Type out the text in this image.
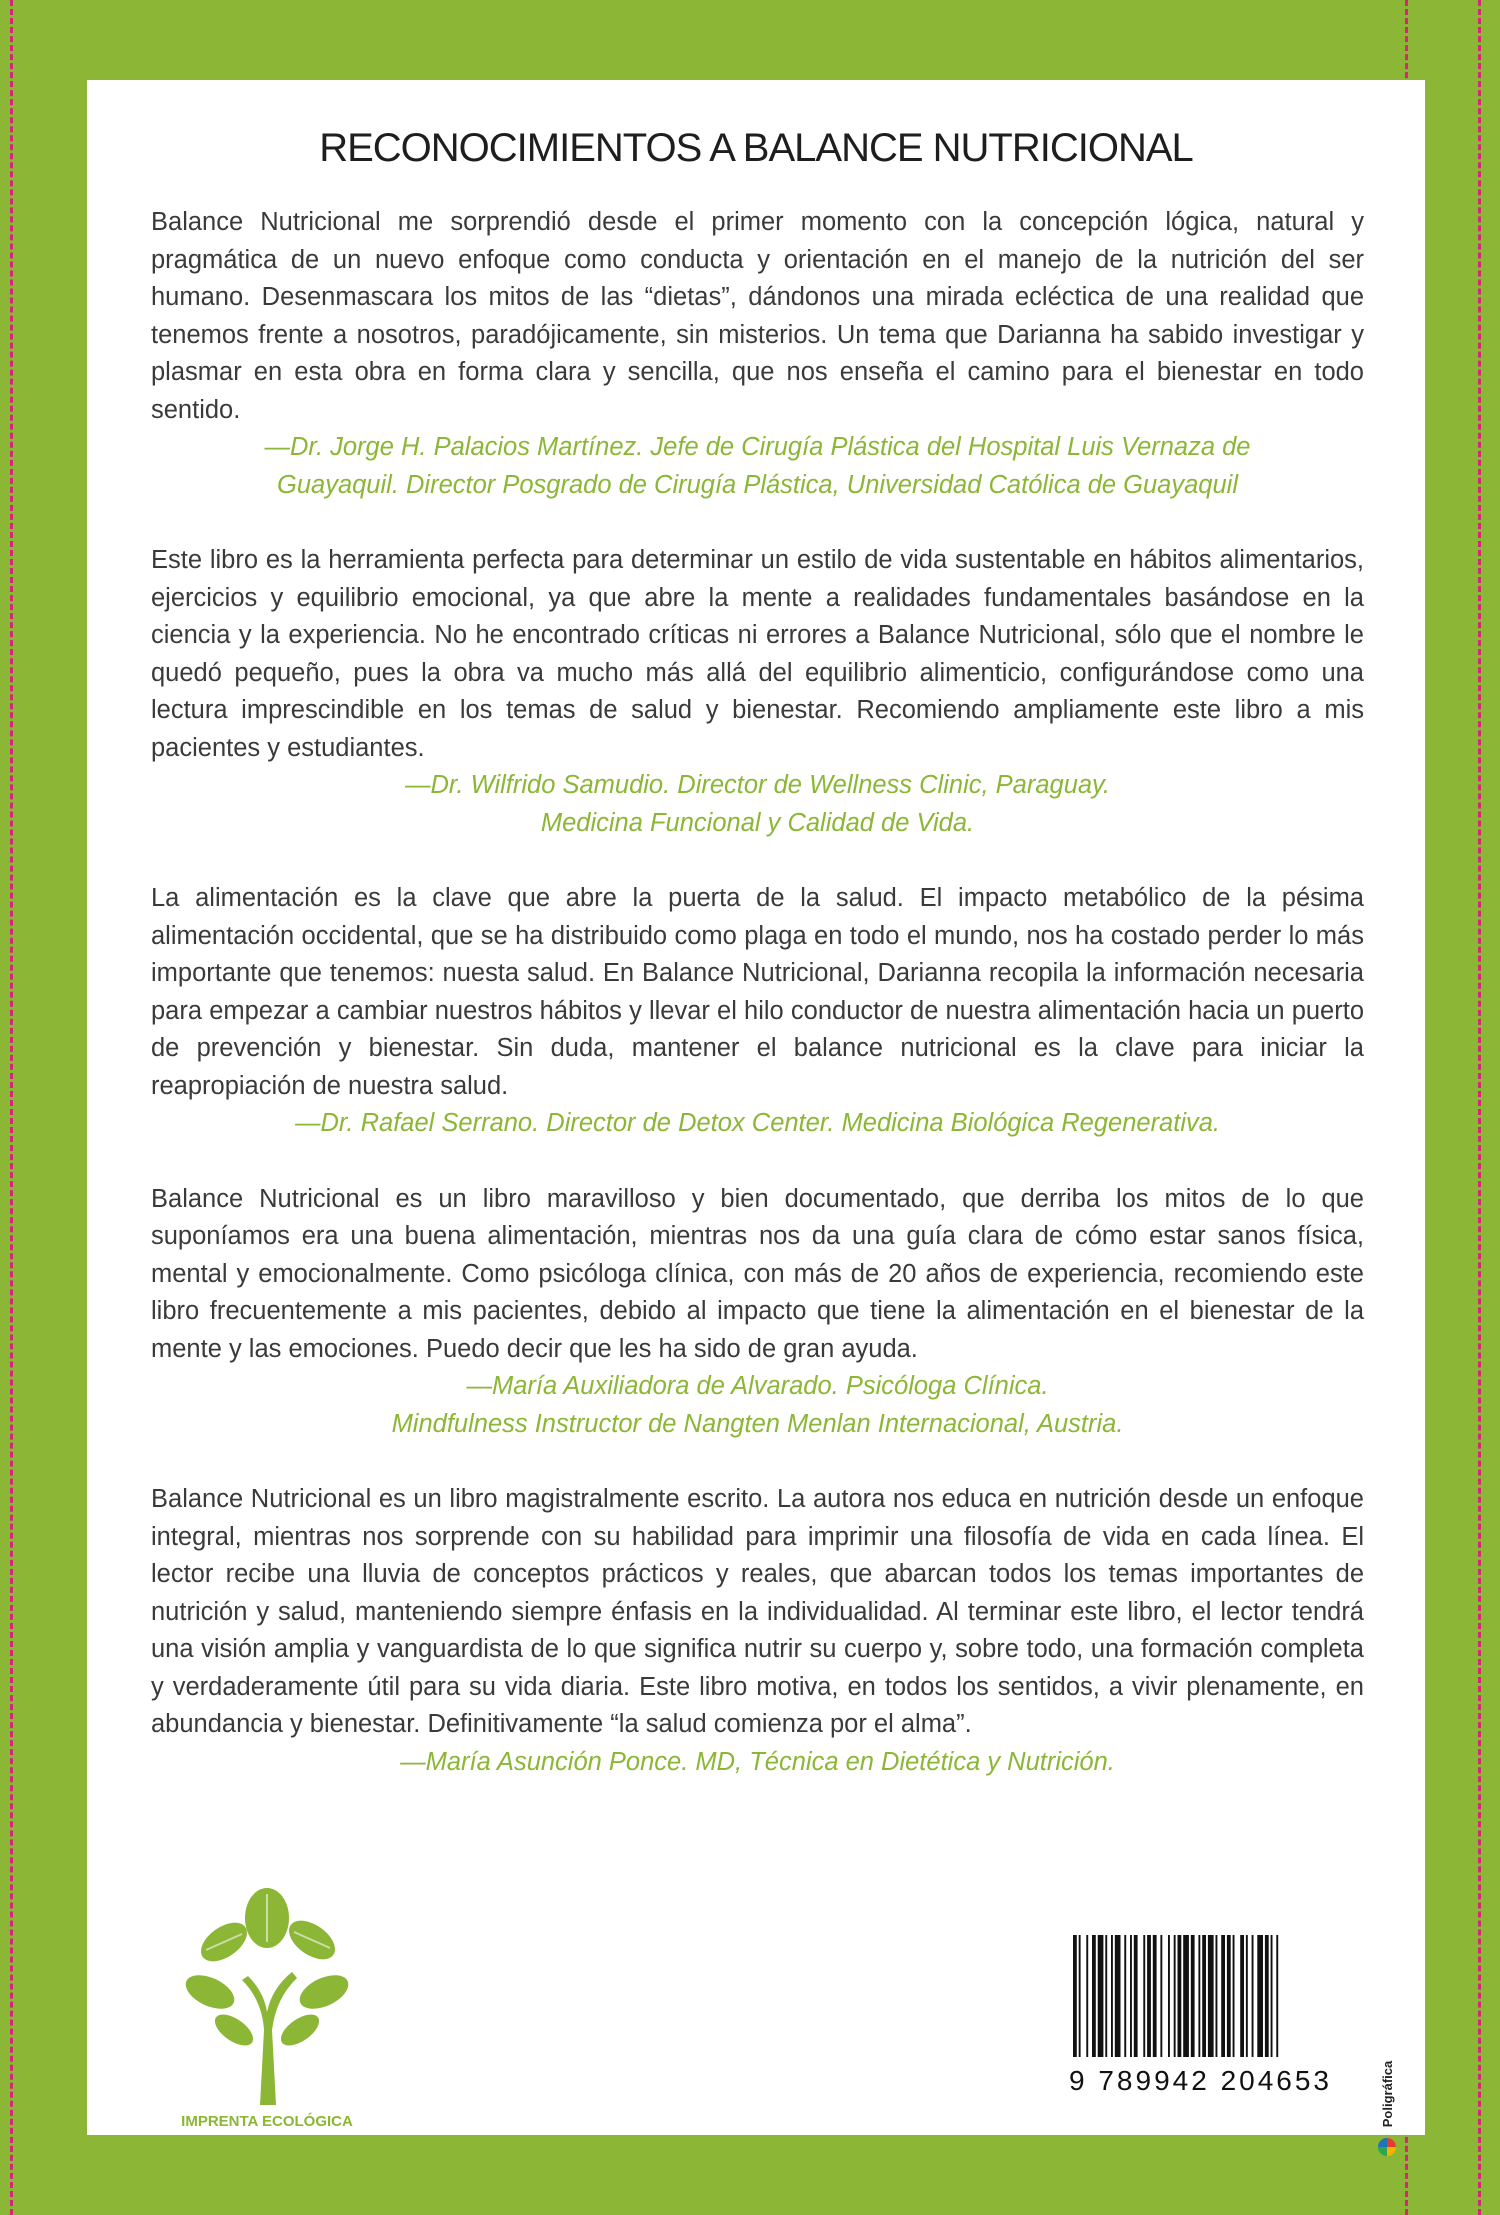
RECONOCIMIENTOS A BALANCE NUTRICIONAL

Balance Nutricional me sorprendió desde el primer momento con la concepción lógica, natural y pragmática de un nuevo enfoque como conducta y orientación en el manejo de la nutrición del ser humano. Desenmascara los mitos de las “dietas”, dándonos una mirada ecléctica de una realidad que tenemos frente a nosotros, paradójicamente, sin misterios. Un tema que Darianna ha sabido investigar y plasmar en esta obra en forma clara y sencilla, que nos enseña el camino para el bienestar en todo sentido.

—Dr. Jorge H. Palacios Martínez. Jefe de Cirugía Plástica del Hospital Luis Vernaza de

Guayaquil. Director Posgrado de Cirugía Plástica, Universidad Católica de Guayaquil

Este libro es la herramienta perfecta para determinar un estilo de vida sustentable en hábitos alimentarios, ejercicios y equilibrio emocional, ya que abre la mente a realidades fundamentales basándose en la ciencia y la experiencia. No he encontrado críticas ni errores a Balance Nutricional, sólo que el nombre le quedó pequeño, pues la obra va mucho más allá del equilibrio alimenticio, configurándose como una lectura imprescindible en los temas de salud y bienestar. Recomiendo ampliamente este libro a mis pacientes y estudiantes.

—Dr. Wilfrido Samudio. Director de Wellness Clinic, Paraguay.

Medicina Funcional y Calidad de Vida.

La alimentación es la clave que abre la puerta de la salud. El impacto metabólico de la pésima alimentación occidental, que se ha distribuido como plaga en todo el mundo, nos ha costado perder lo más importante que tenemos: nuesta salud. En Balance Nutricional, Darianna recopila la información necesaria para empezar a cambiar nuestros hábitos y llevar el hilo conductor de nuestra alimentación hacia un puerto de prevención y bienestar. Sin duda, mantener el balance nutricional es la clave para iniciar la reapropiación de nuestra salud.

—Dr. Rafael Serrano. Director de Detox Center. Medicina Biológica Regenerativa.

Balance Nutricional es un libro maravilloso y bien documentado, que derriba los mitos de lo que suponíamos era una buena alimentación, mientras nos da una guía clara de cómo estar sanos física, mental y emocionalmente. Como psicóloga clínica, con más de 20 años de experiencia, recomiendo este libro frecuentemente a mis pacientes, debido al impacto que tiene la alimentación en el bienestar de la mente y las emociones. Puedo decir que les ha sido de gran ayuda.

—María Auxiliadora de Alvarado. Psicóloga Clínica.

Mindfulness Instructor de Nangten Menlan Internacional, Austria.

Balance Nutricional es un libro magistralmente escrito. La autora nos educa en nutrición desde un enfoque integral, mientras nos sorprende con su habilidad para imprimir una filosofía de vida en cada línea. El lector recibe una lluvia de conceptos prácticos y reales, que abarcan todos los temas importantes de nutrición y salud, manteniendo siempre énfasis en la individualidad. Al terminar este libro, el lector tendrá una visión amplia y vanguardista de lo que significa nutrir su cuerpo y, sobre todo, una formación completa y verdaderamente útil para su vida diaria. Este libro motiva, en todos los sentidos, a vivir plenamente, en abundancia y bienestar. Definitivamente “la salud comienza por el alma”.

—María Asunción Ponce. MD, Técnica en Dietética y Nutrición.

IMPRENTA ECOLÓGICA
9 789942 204653	Poligráfica
